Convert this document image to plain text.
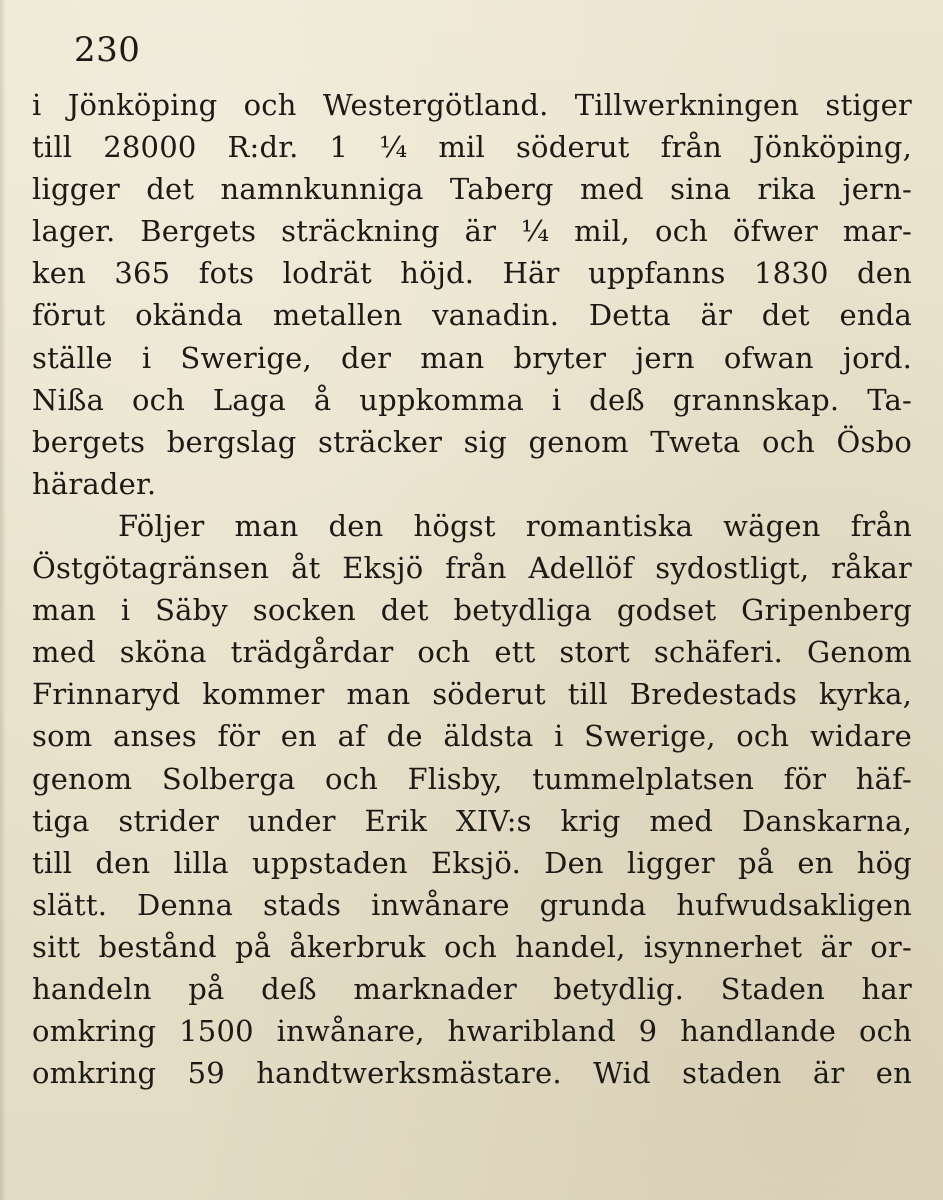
230
i Jönköping och Westergötland. Tillwerkningen stiger
till 28000 R:dr. 1 ¼ mil söderut från Jönköping,
ligger det namnkunniga Taberg med sina rika jern-
lager. Bergets sträckning är ¼ mil, och öfwer mar-
ken 365 fots lodrät höjd. Här uppfanns 1830 den
förut okända metallen vanadin. Detta är det enda
ställe i Swerige, der man bryter jern ofwan jord.
Nißa och Laga å uppkomma i deß grannskap. Ta-
bergets bergslag sträcker sig genom Tweta och Ösbo
härader.
Följer man den högst romantiska wägen från
Östgötagränsen åt Eksjö från Adellöf sydostligt, råkar
man i Säby socken det betydliga godset Gripenberg
med sköna trädgårdar och ett stort schäferi. Genom
Frinnaryd kommer man söderut till Bredestads kyrka,
som anses för en af de äldsta i Swerige, och widare
genom Solberga och Flisby, tummelplatsen för häf-
tiga strider under Erik XIV:s krig med Danskarna,
till den lilla uppstaden Eksjö. Den ligger på en hög
slätt. Denna stads inwånare grunda hufwudsakligen
sitt bestånd på åkerbruk och handel, isynnerhet är or-
handeln på deß marknader betydlig. Staden har
omkring 1500 inwånare, hwaribland 9 handlande och
omkring 59 handtwerksmästare. Wid staden är en
